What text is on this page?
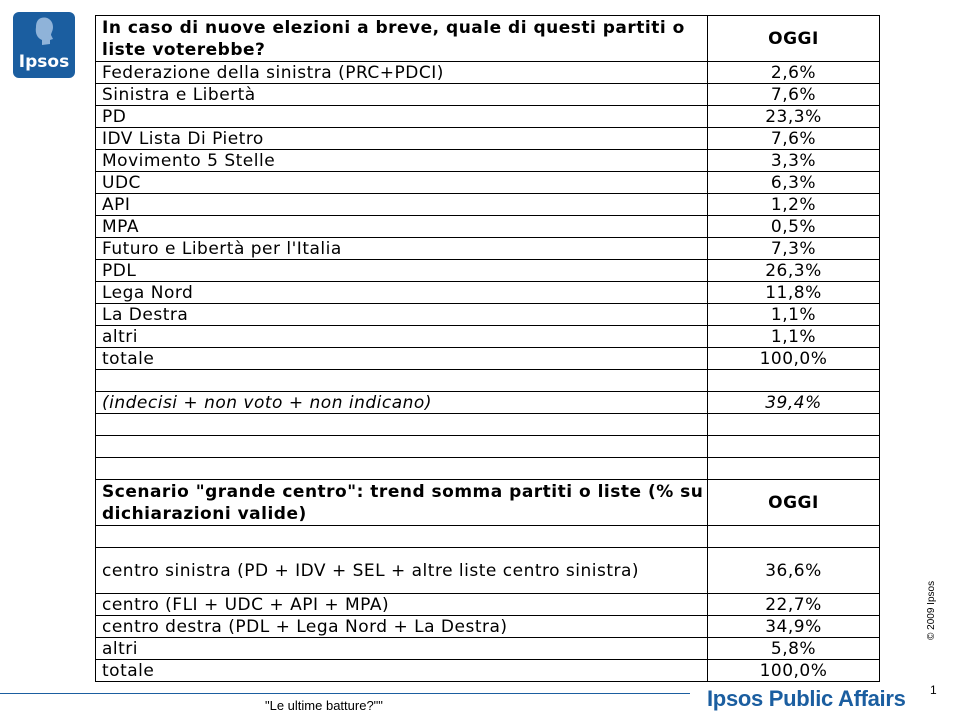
Ipsos
In caso di nuove elezioni a breve, quale di questi partiti o liste voterebbe?	OGGI
Federazione della sinistra (PRC+PDCI)	2,6%
Sinistra e Libertà	7,6%
PD	23,3%
IDV Lista Di Pietro	7,6%
Movimento 5 Stelle	3,3%
UDC	6,3%
API	1,2%
MPA	0,5%
Futuro e Libertà per l'Italia	7,3%
PDL	26,3%
Lega Nord	11,8%
La Destra	1,1%
altri	1,1%
totale	100,0%

(indecisi + non voto + non indicano)	39,4%

Scenario "grande centro": trend somma partiti o liste (% su dichiarazioni valide)	OGGI

centro sinistra (PD + IDV + SEL + altre liste centro sinistra)	36,6%
centro (FLI + UDC + API + MPA)	22,7%
centro destra (PDL + Lega Nord + La Destra)	34,9%
altri	5,8%
totale	100,0%
© 2009 Ipsos
1
"Le ultime batture?""	Ipsos Public Affairs
